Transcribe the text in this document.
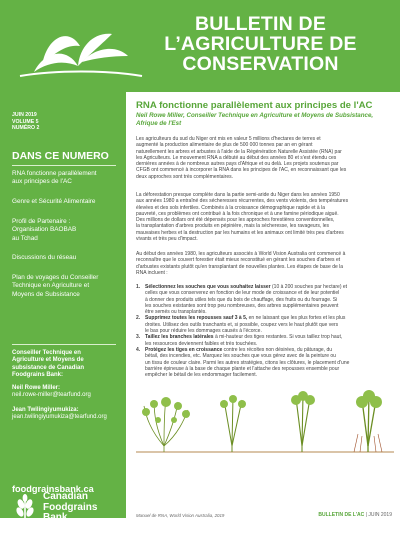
BULLETIN DE
L’AGRICULTURE DE
CONSERVATION
JUIN 2019
VOLUME 5
NUMÉRO 2
DANS CE NUMERO
RNA fonctionne parallèlement
aux principes de l'AC
Genre et Sécurité Alimentaire
Profil de Partenaire :
Organisation BAOBAB
au Tchad
Discussions du réseau
Plan de voyages du Conseiller
Technique en Agriculture et
Moyens de Subsistance
Conseiller Technique en
Agriculture et Moyens de
subsistance de Canadian
Foodgrains Bank:
Neil Rowe Miller:
neil.rowe-miller@tearfund.org
Jean Twilingiyumukiza:
jean.twilingiyumukiza@tearfund.org
Canadian
Foodgrains
Bank
A Christian Response
to Hunger
foodgrainsbank.ca
RNA fonctionne parallèlement aux principes de l'AC
Neil Rowe Miller, Conseiller Technique en Agriculture et Moyens de Subsistance,
Afrique de l'Est
Les agriculteurs du sud du Niger ont mis en valeur 5 millions d'hectares de terres et
augmenté la production alimentaire de plus de 500 000 tonnes par an en gérant
naturellement les arbres et arbustes à l'aide de la Régénération Naturelle Assistée (RNA) par
les Agriculteurs. Le mouvement RNA a débuté au début des années 80 et s'est étendu ces
dernières années à de nombreux autres pays d'Afrique et ou delà. Les projets soutenus par
CFGB ont commencé à incorporer la RNA dans les principes de l'AC, en reconnaissant que les
deux approches sont très complémentaires.
La déforestation presque complète dans la partie semi-aride du Niger dans les années 1950
aux années 1980 a entraîné des sécheresses récurrentes, des vents violents, des températures
élevées et des sols infertiles. Combinés à la croissance démographique rapide et à la
pauvreté, ces problèmes ont contribué à la fois chronique et à une famine périodique aiguë.
Des millions de dollars ont été dépensés pour les approches forestières conventionnelles,
la transplantation d'arbres produits en pépinière, mais la sécheresse, les ravageurs, les
mauvaises herbes et la destruction par les humains et les animaux ont limité très peu d'arbres
vivants et très peu d'impact.
Au début des années 1980, les agriculteurs associés à World Vision Australia ont commencé à
reconnaître que le couvert forestier était mieux reconstitué en gérant les souches d'arbres et
d'arbustes existants plutôt qu'en transplantant de nouvelles plantes. Les étapes de base de la
RNA incluent :
1. Sélectionnez les souches que vous souhaitez laisser (10 à 200 souches par hectare) et
celles que vous conserverez en fonction de leur mode de croissance et de leur potentiel
à donner des produits utiles tels que du bois de chauffage, des fruits ou du fourrage. Si
les souches existantes sont trop peu nombreuses, des arbres supplémentaires peuvent
être semés ou transplantés.
2. Supprimez toutes les repousses sauf 3 à 5, en ne laissant que les plus fortes et les plus
droites. Utilisez des outils tranchants et, si possible, coupez vers le haut plutôt que vers
le bas pour réduire les dommages causés à l'écorce.
3. Taillez les branches latérales à mi-hauteur des tiges restantes. Si vous taillez trop haut,
les ressources deviennent faibles et très touchées.
4. Protégez les tiges en croissance contre les récoltes non désirées, du pâturage, du
bétail, des incendies, etc. Marquez les souches que vous gérez avec de la peinture ou
un tissu de couleur claire. Parmi les autres stratégies, citons les clôtures, le placement d'une
barrière épineuse à la base de chaque plante et l'attache des repousses ensemble pour
empêcher le bétail de les endommager facilement.
Manuel de RNA, World Vision Australia, 2019	BULLETIN DE L'AC | JUIN 2019
